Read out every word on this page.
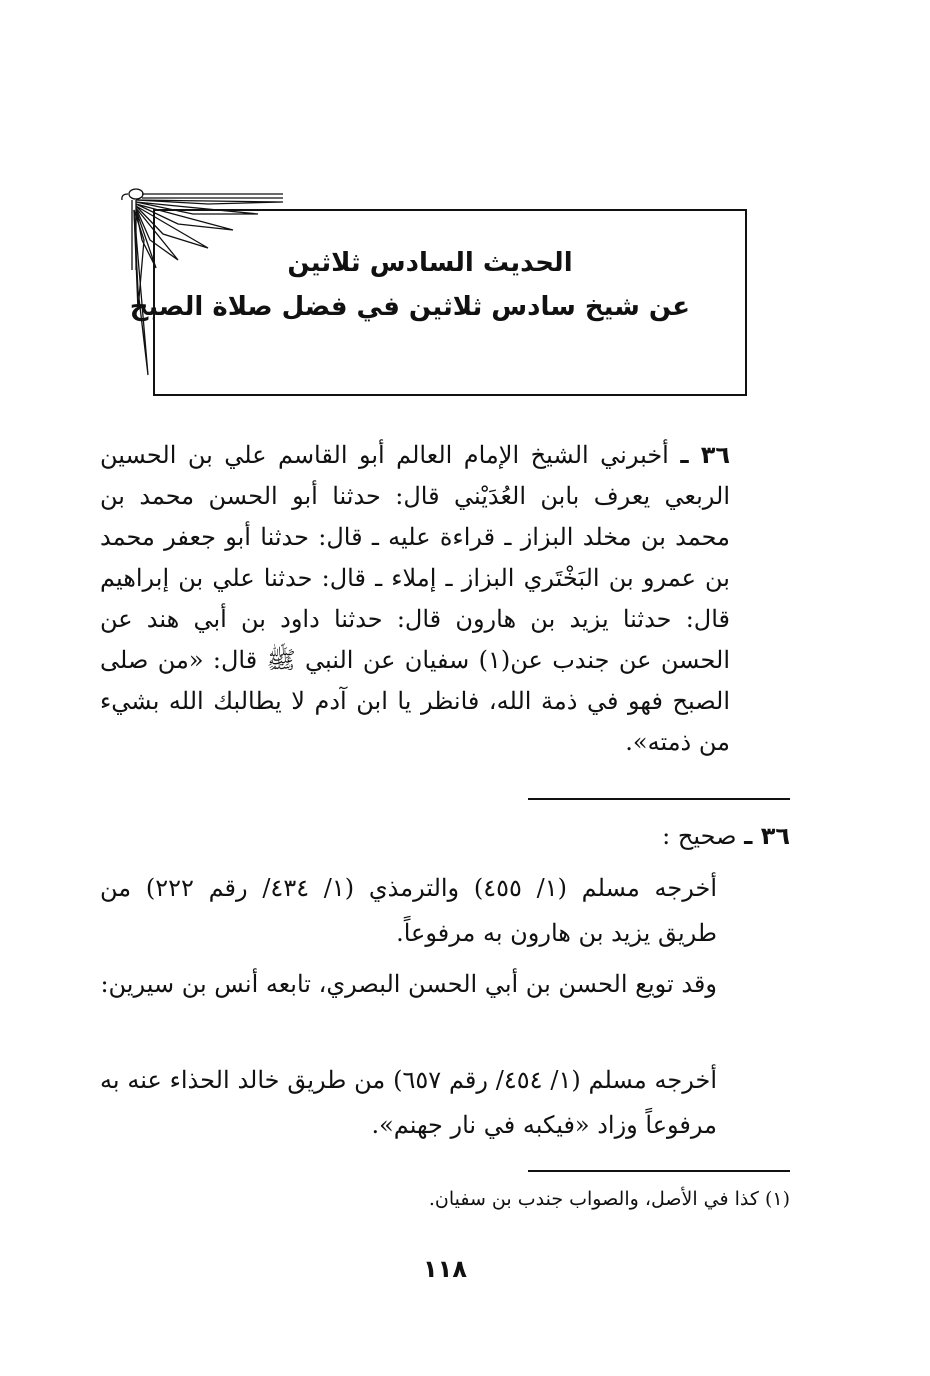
الحديث السادس ثلاثين
عن شيخ سادس ثلاثين في فضل صلاة الصبح
٣٦ ـ أخبرني الشيخ الإمام العالم أبو القاسم علي بن الحسين الربعي يعرف بابن العُدَيْني قال: حدثنا أبو الحسن محمد بن محمد بن مخلد البزاز ـ قراءة عليه ـ قال: حدثنا أبو جعفر محمد بن عمرو بن البَخْتَري البزاز ـ إملاء ـ قال: حدثنا علي بن إبراهيم قال: حدثنا يزيد بن هارون قال: حدثنا داود بن أبي هند عن الحسن عن جندب عن(١) سفيان عن النبي ﷺ قال: «من صلى الصبح فهو في ذمة الله، فانظر يا ابن آدم لا يطالبك الله بشيء من ذمته».
٣٦ ـ صحيح :
أخرجه مسلم (١/ ٤٥٥) والترمذي (١/ ٤٣٤/ رقم ٢٢٢) من طريق يزيد بن هارون به مرفوعاً.
وقد تويع الحسن بن أبي الحسن البصري، تابعه أنس بن سيرين:
أخرجه مسلم (١/ ٤٥٤/ رقم ٦٥٧) من طريق خالد الحذاء عنه به مرفوعاً وزاد «فيكبه في نار جهنم».
(١) كذا في الأصل، والصواب جندب بن سفيان.
١١٨
